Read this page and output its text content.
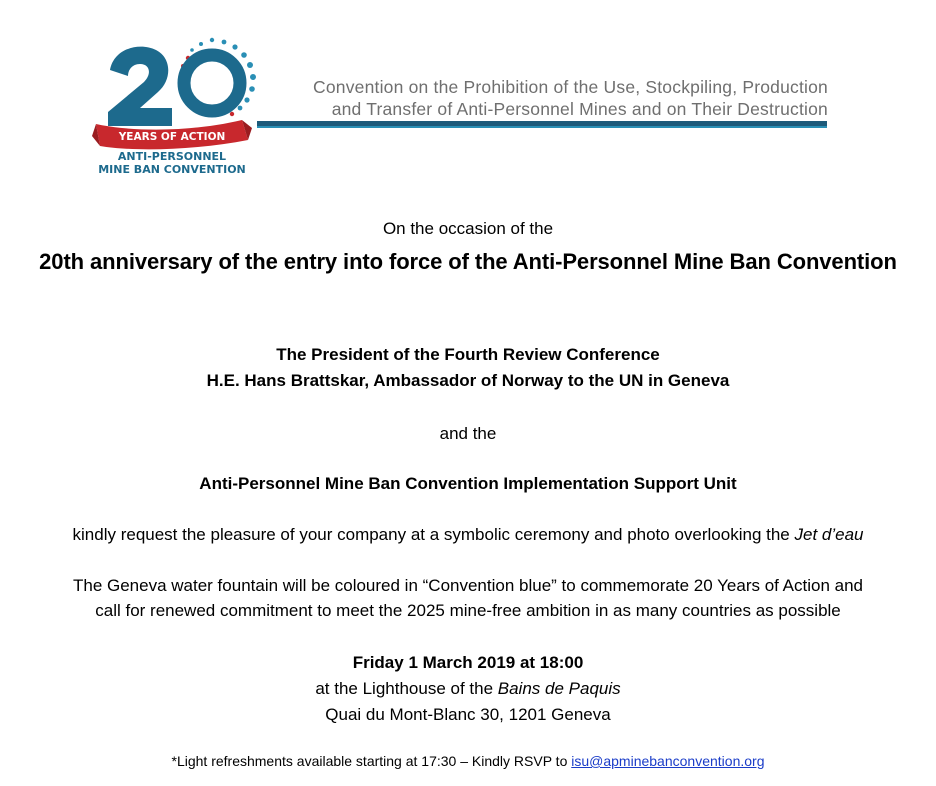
YEARS OF ACTION
ANTI-PERSONNEL
MINE BAN CONVENTION
Convention on the Prohibition of the Use, Stockpiling, Production
and Transfer of Anti-Personnel Mines and on Their Destruction
On the occasion of the
20th anniversary of the entry into force of the Anti-Personnel Mine Ban Convention
The President of the Fourth Review Conference
H.E. Hans Brattskar, Ambassador of Norway to the UN in Geneva
and the
Anti-Personnel Mine Ban Convention Implementation Support Unit
kindly request the pleasure of your company at a symbolic ceremony and photo overlooking the Jet d’eau
The Geneva water fountain will be coloured in “Convention blue” to commemorate 20 Years of Action and
call for renewed commitment to meet the 2025 mine-free ambition in as many countries as possible
Friday 1 March 2019 at 18:00
at the Lighthouse of the Bains de Paquis
Quai du Mont-Blanc 30, 1201 Geneva
*Light refreshments available starting at 17:30 – Kindly RSVP to isu@apminebanconvention.org
